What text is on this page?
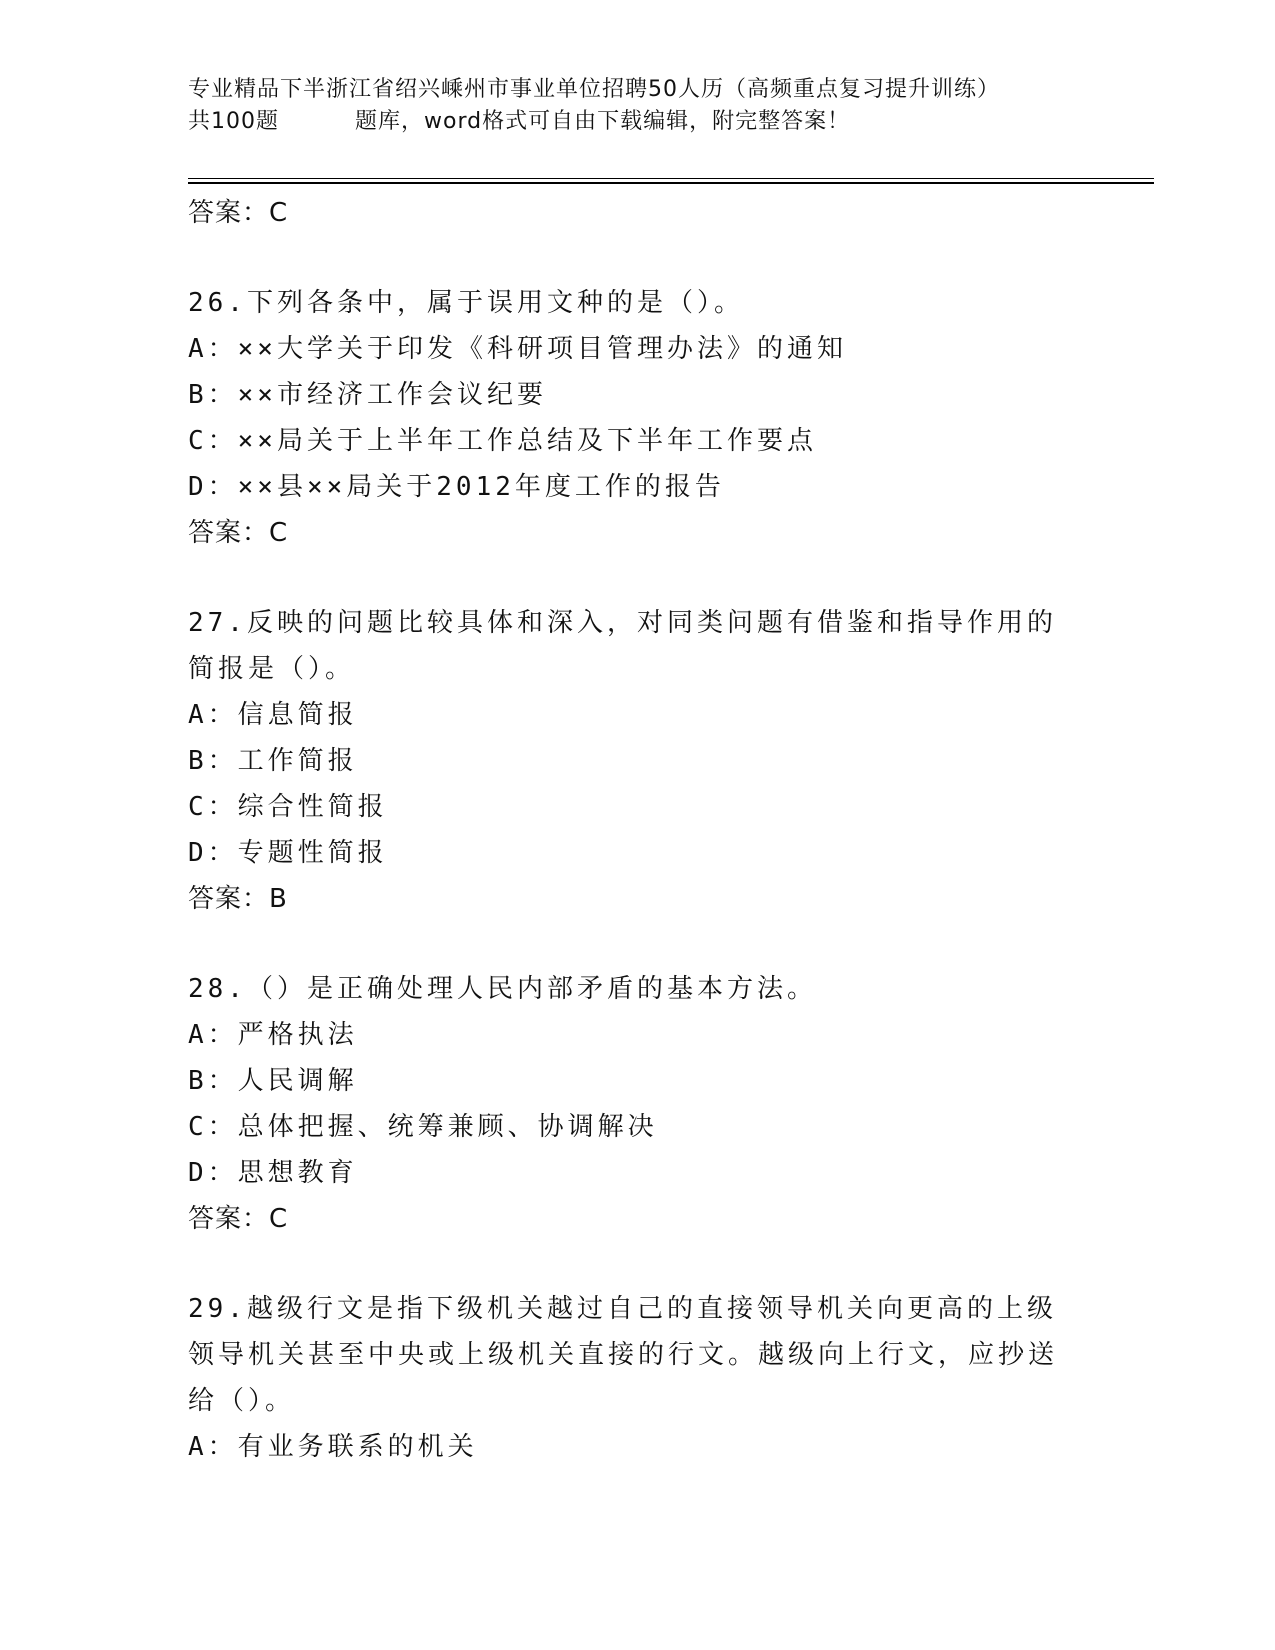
专业精品下半浙江省绍兴嵊州市事业单位招聘50人历（高频重点复习提升训练）
共100题	题库，word格式可自由下载编辑，附完整答案！
答案：C
26.下列各条中，属于误用文种的是（）。
A：××大学关于印发《科研项目管理办法》的通知
B：××市经济工作会议纪要
C：××局关于上半年工作总结及下半年工作要点
D：××县××局关于2012年度工作的报告
答案：C
27.反映的问题比较具体和深入，对同类问题有借鉴和指导作用的简报是（）。
A：信息简报
B：工作简报
C：综合性简报
D：专题性简报
答案：B
28.（）是正确处理人民内部矛盾的基本方法。
A：严格执法
B：人民调解
C：总体把握、统筹兼顾、协调解决
D：思想教育
答案：C
29.越级行文是指下级机关越过自己的直接领导机关向更高的上级领导机关甚至中央或上级机关直接的行文。越级向上行文，应抄送给（）。
A：有业务联系的机关
